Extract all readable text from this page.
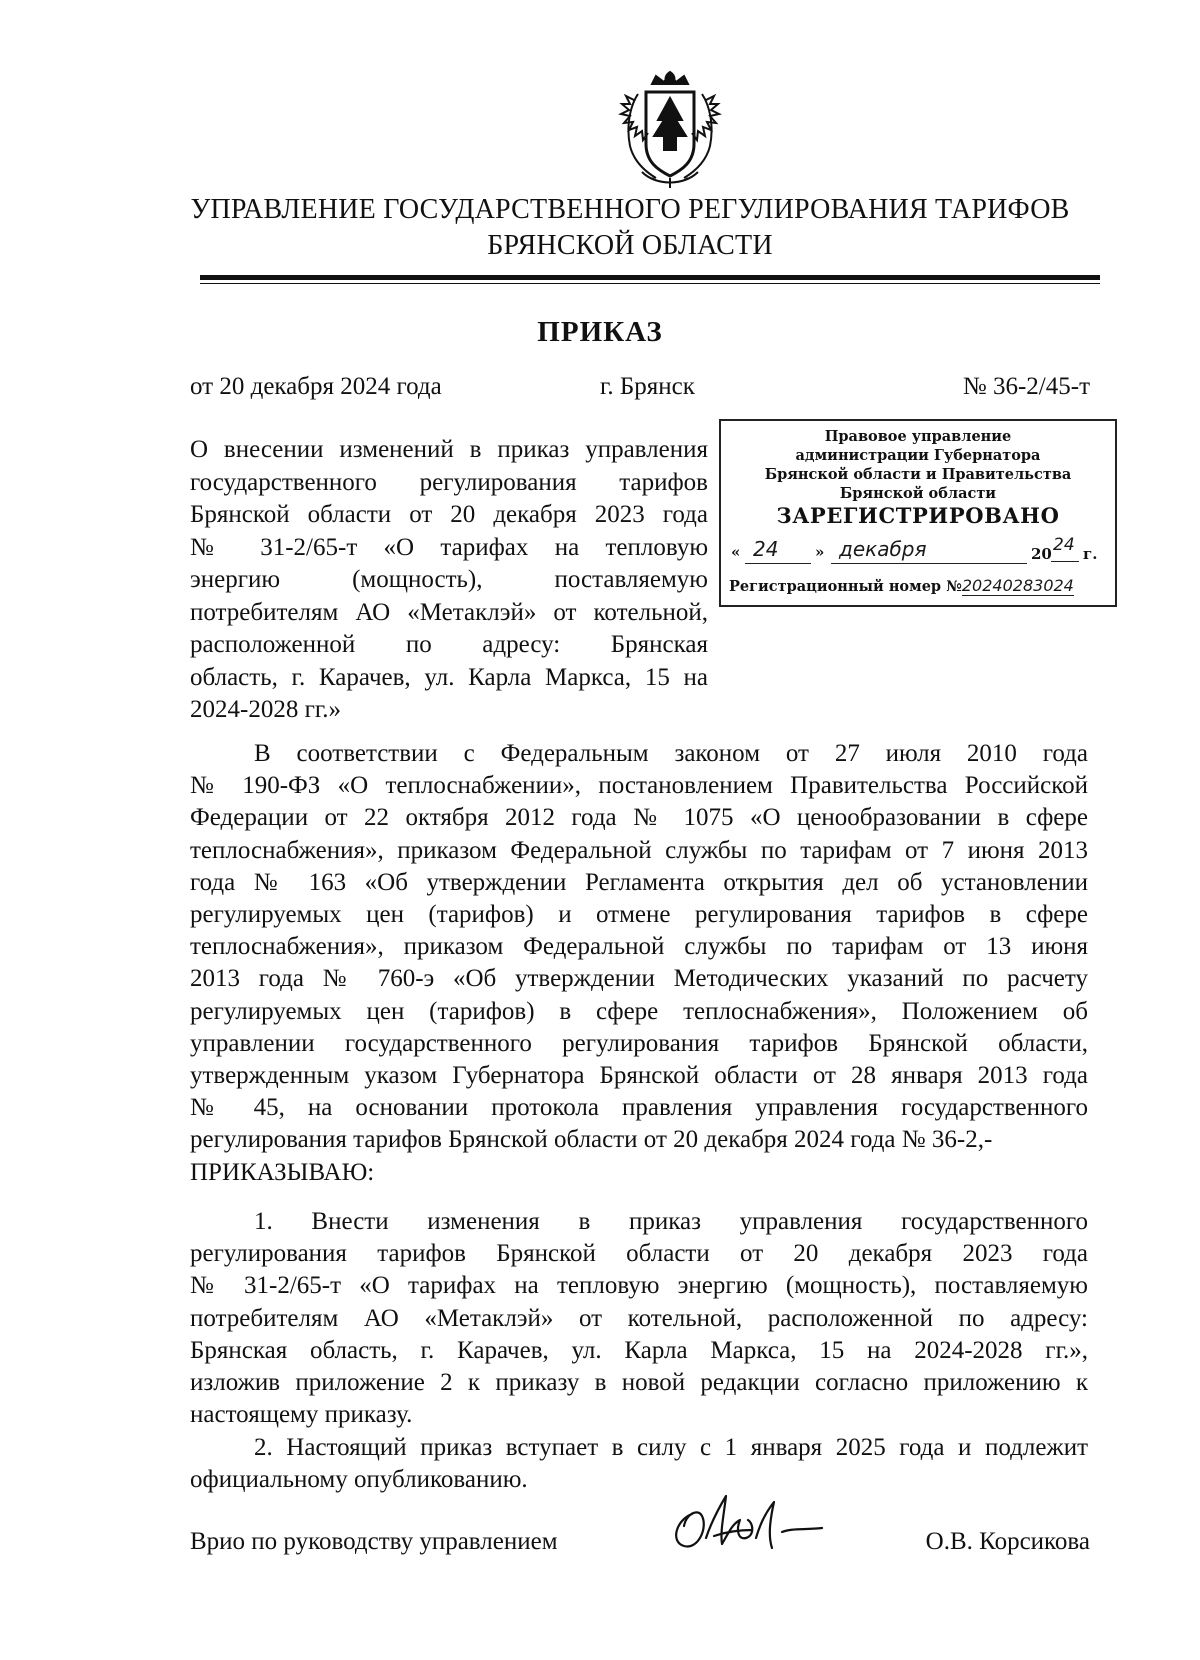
УПРАВЛЕНИЕ ГОСУДАРСТВЕННОГО РЕГУЛИРОВАНИЯ ТАРИФОВ
БРЯНСКОЙ ОБЛАСТИ
ПРИКАЗ
от 20 декабря 2024 года	г. Брянск	№ 36-2/45-т
О внесении изменений в приказ управления
государственного регулирования тарифов
Брянской области от 20 декабря 2023 года
№ 31-2/65-т «О тарифах на тепловую
энергию (мощность), поставляемую
потребителям АО «Метаклэй» от котельной,
расположенной по адресу: Брянская
область, г. Карачев, ул. Карла Маркса, 15 на
2024-2028 гг.»
Правовое управление
администрации Губернатора
Брянской области и Правительства
Брянской области
ЗАРЕГИСТРИРОВАНО
« 24 » декабря	20 24 г.
Регистрационный номер №20240283024
В соответствии с Федеральным законом от 27 июля 2010 года
№ 190-ФЗ «О теплоснабжении», постановлением Правительства Российской
Федерации от 22 октября 2012 года № 1075 «О ценообразовании в сфере
теплоснабжения», приказом Федеральной службы по тарифам от 7 июня 2013
года № 163 «Об утверждении Регламента открытия дел об установлении
регулируемых цен (тарифов) и отмене регулирования тарифов в сфере
теплоснабжения», приказом Федеральной службы по тарифам от 13 июня
2013 года № 760-э «Об утверждении Методических указаний по расчету
регулируемых цен (тарифов) в сфере теплоснабжения», Положением об
управлении государственного регулирования тарифов Брянской области,
утвержденным указом Губернатора Брянской области от 28 января 2013 года
№ 45, на основании протокола правления управления государственного
регулирования тарифов Брянской области от 20 декабря 2024 года № 36-2,-
ПРИКАЗЫВАЮ:
1. Внести изменения в приказ управления государственного
регулирования тарифов Брянской области от 20 декабря 2023 года
№ 31-2/65-т «О тарифах на тепловую энергию (мощность), поставляемую
потребителям АО «Метаклэй» от котельной, расположенной по адресу:
Брянская область, г. Карачев, ул. Карла Маркса, 15 на 2024-2028 гг.»,
изложив приложение 2 к приказу в новой редакции согласно приложению к
настоящему приказу.
2. Настоящий приказ вступает в силу с 1 января 2025 года и подлежит
официальному опубликованию.
Врио по руководству управлением	О.В. Корсикова
